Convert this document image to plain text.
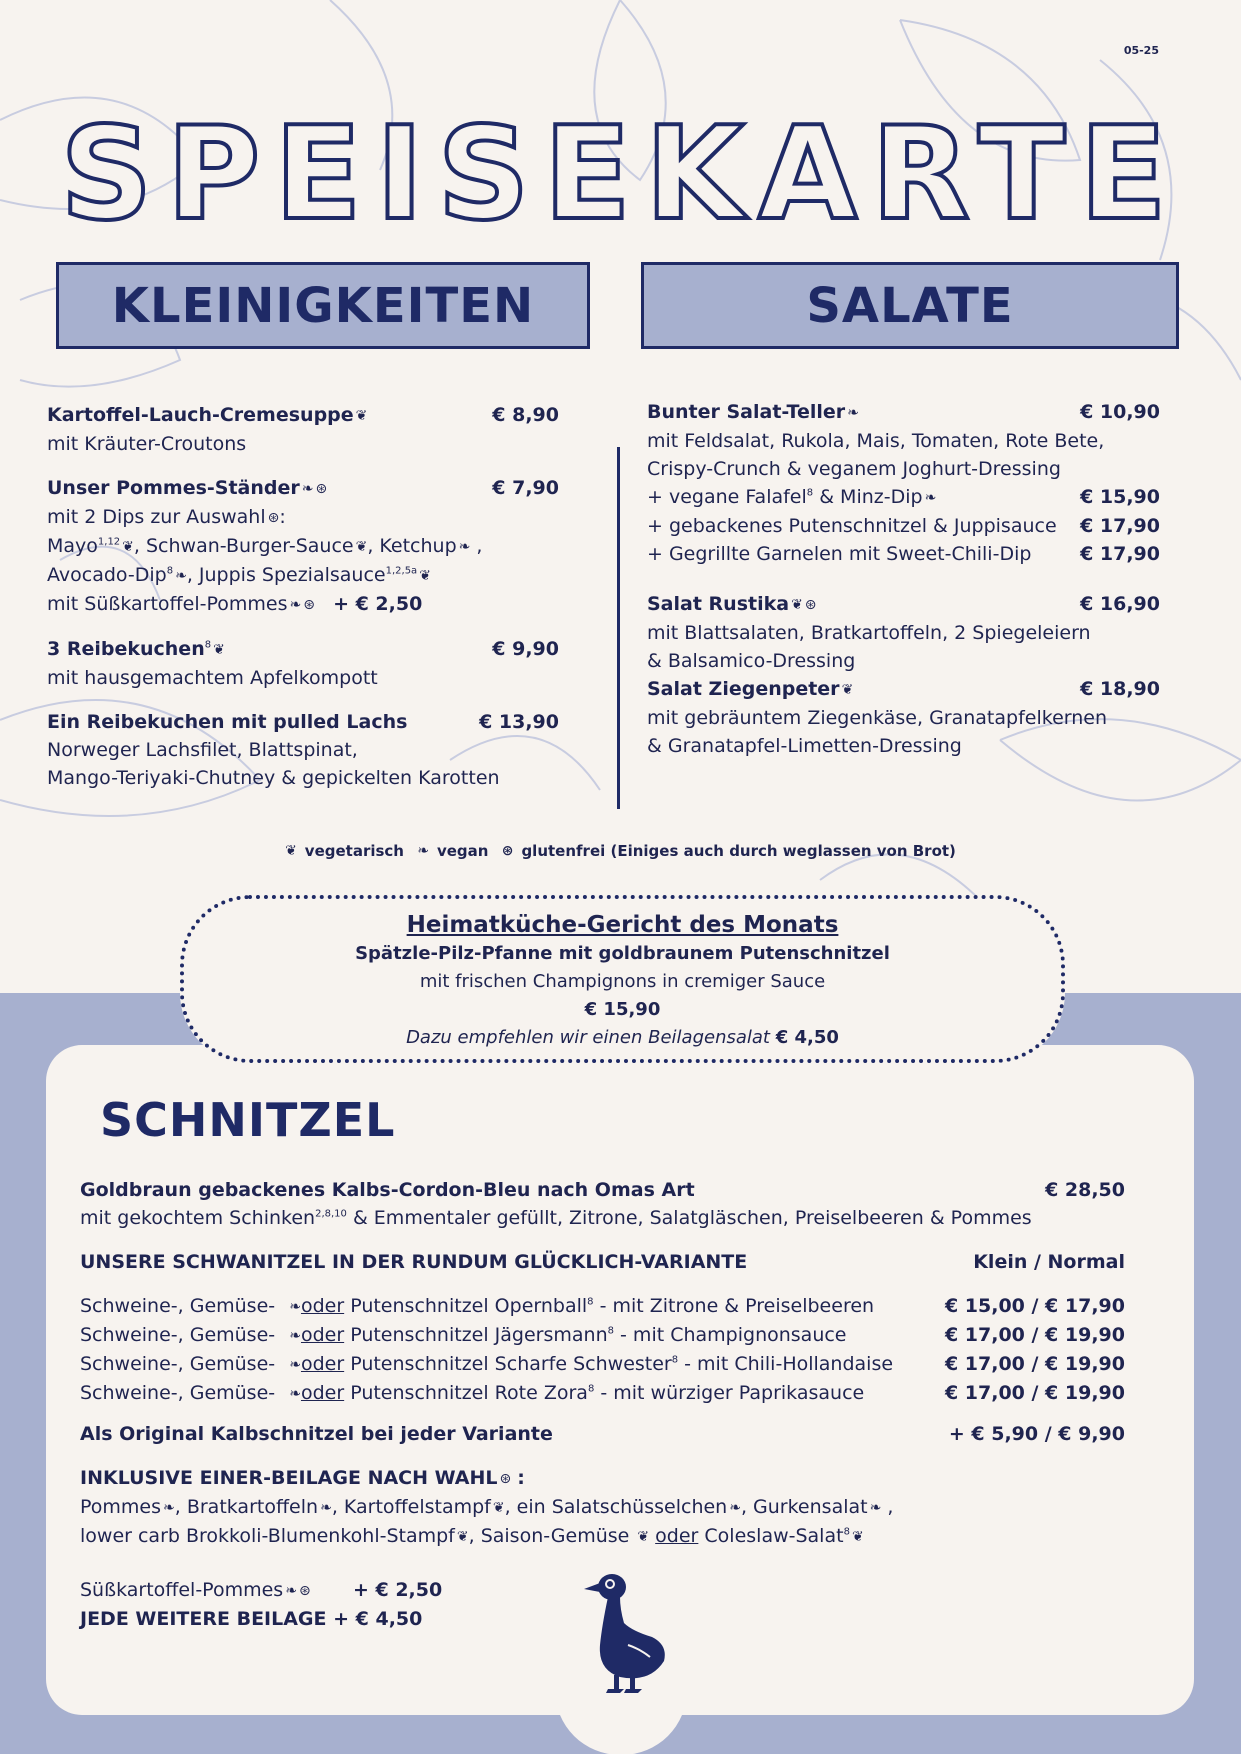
05-25
SPEISEKARTE
KLEINIGKEITEN	SALATE
Kartoffel-Lauch-Cremesuppe ❦	€ 8,90
mit Kräuter-Croutons
Unser Pommes-Ständer ❧ ⊛	€ 7,90
mit 2 Dips zur Auswahl ⊛:
Mayo$^{1,12}$ ❦, Schwan-Burger-Sauce ❦, Ketchup ❧ ,
Avocado-Dip$^8$ ❧, Juppis Spezialsauce$^{1,2,5a}$ ❦
mit Süßkartoffel-Pommes ❧ ⊛ + € 2,50
3 Reibekuchen$^8$ ❦	€ 9,90
mit hausgemachtem Apfelkompott
Ein Reibekuchen mit pulled Lachs	€ 13,90
Norweger Lachsfilet, Blattspinat,
Mango-Teriyaki-Chutney & gepickelten Karotten
Bunter Salat-Teller ❧	€ 10,90
mit Feldsalat, Rukola, Mais, Tomaten, Rote Bete,
Crispy-Crunch & veganem Joghurt-Dressing
+ vegane Falafel$^8$ & Minz-Dip ❧	€ 15,90
+ gebackenes Putenschnitzel & Juppisauce € 17,90
+ Gegrillte Garnelen mit Sweet-Chili-Dip	€ 17,90
Salat Rustika ❦ ⊛	€ 16,90
mit Blattsalaten, Bratkartoffeln, 2 Spiegeleiern
& Balsamico-Dressing
Salat Ziegenpeter ❦	€ 18,90
mit gebräuntem Ziegenkäse, Granatapfelkernen
& Granatapfel-Limetten-Dressing
❦ vegetarisch ❧ vegan ⊛ glutenfrei (Einiges auch durch weglassen von Brot)
Heimatküche-Gericht des Monats
Spätzle-Pilz-Pfanne mit goldbraunem Putenschnitzel
mit frischen Champignons in cremiger Sauce
€ 15,90
Dazu empfehlen wir einen Beilagensalat € 4,50
SCHNITZEL
Goldbraun gebackenes Kalbs-Cordon-Bleu nach Omas Art	€ 28,50
mit gekochtem Schinken$^{2,8,10}$ & Emmentaler gefüllt, Zitrone, Salatgläschen, Preiselbeeren & Pommes
UNSERE SCHWANITZEL IN DER RUNDUM GLÜCKLICH-VARIANTE	Klein / Normal
Schweine-, Gemüse- ❧oder Putenschnitzel Opernball$^8$ - mit Zitrone & Preiselbeeren	€ 15,00 / € 17,90
Schweine-, Gemüse- ❧oder Putenschnitzel Jägersmann$^8$ - mit Champignonsauce	€ 17,00 / € 19,90
Schweine-, Gemüse- ❧oder Putenschnitzel Scharfe Schwester$^8$ - mit Chili-Hollandaise	€ 17,00 / € 19,90
Schweine-, Gemüse- ❧oder Putenschnitzel Rote Zora$^8$ - mit würziger Paprikasauce	€ 17,00 / € 19,90
Als Original Kalbschnitzel bei jeder Variante	+ € 5,90 / € 9,90
INKLUSIVE EINER-BEILAGE NACH WAHL ⊛ :
Pommes ❧, Bratkartoffeln ❧, Kartoffelstampf ❦, ein Salatschüsselchen ❧, Gurkensalat ❧ ,
lower carb Brokkoli-Blumenkohl-Stampf ❦, Saison-Gemüse ❦ oder Coleslaw-Salat$^8$ ❦
Süßkartoffel-Pommes ❧ ⊛ + € 2,50
JEDE WEITERE BEILAGE + € 4,50
